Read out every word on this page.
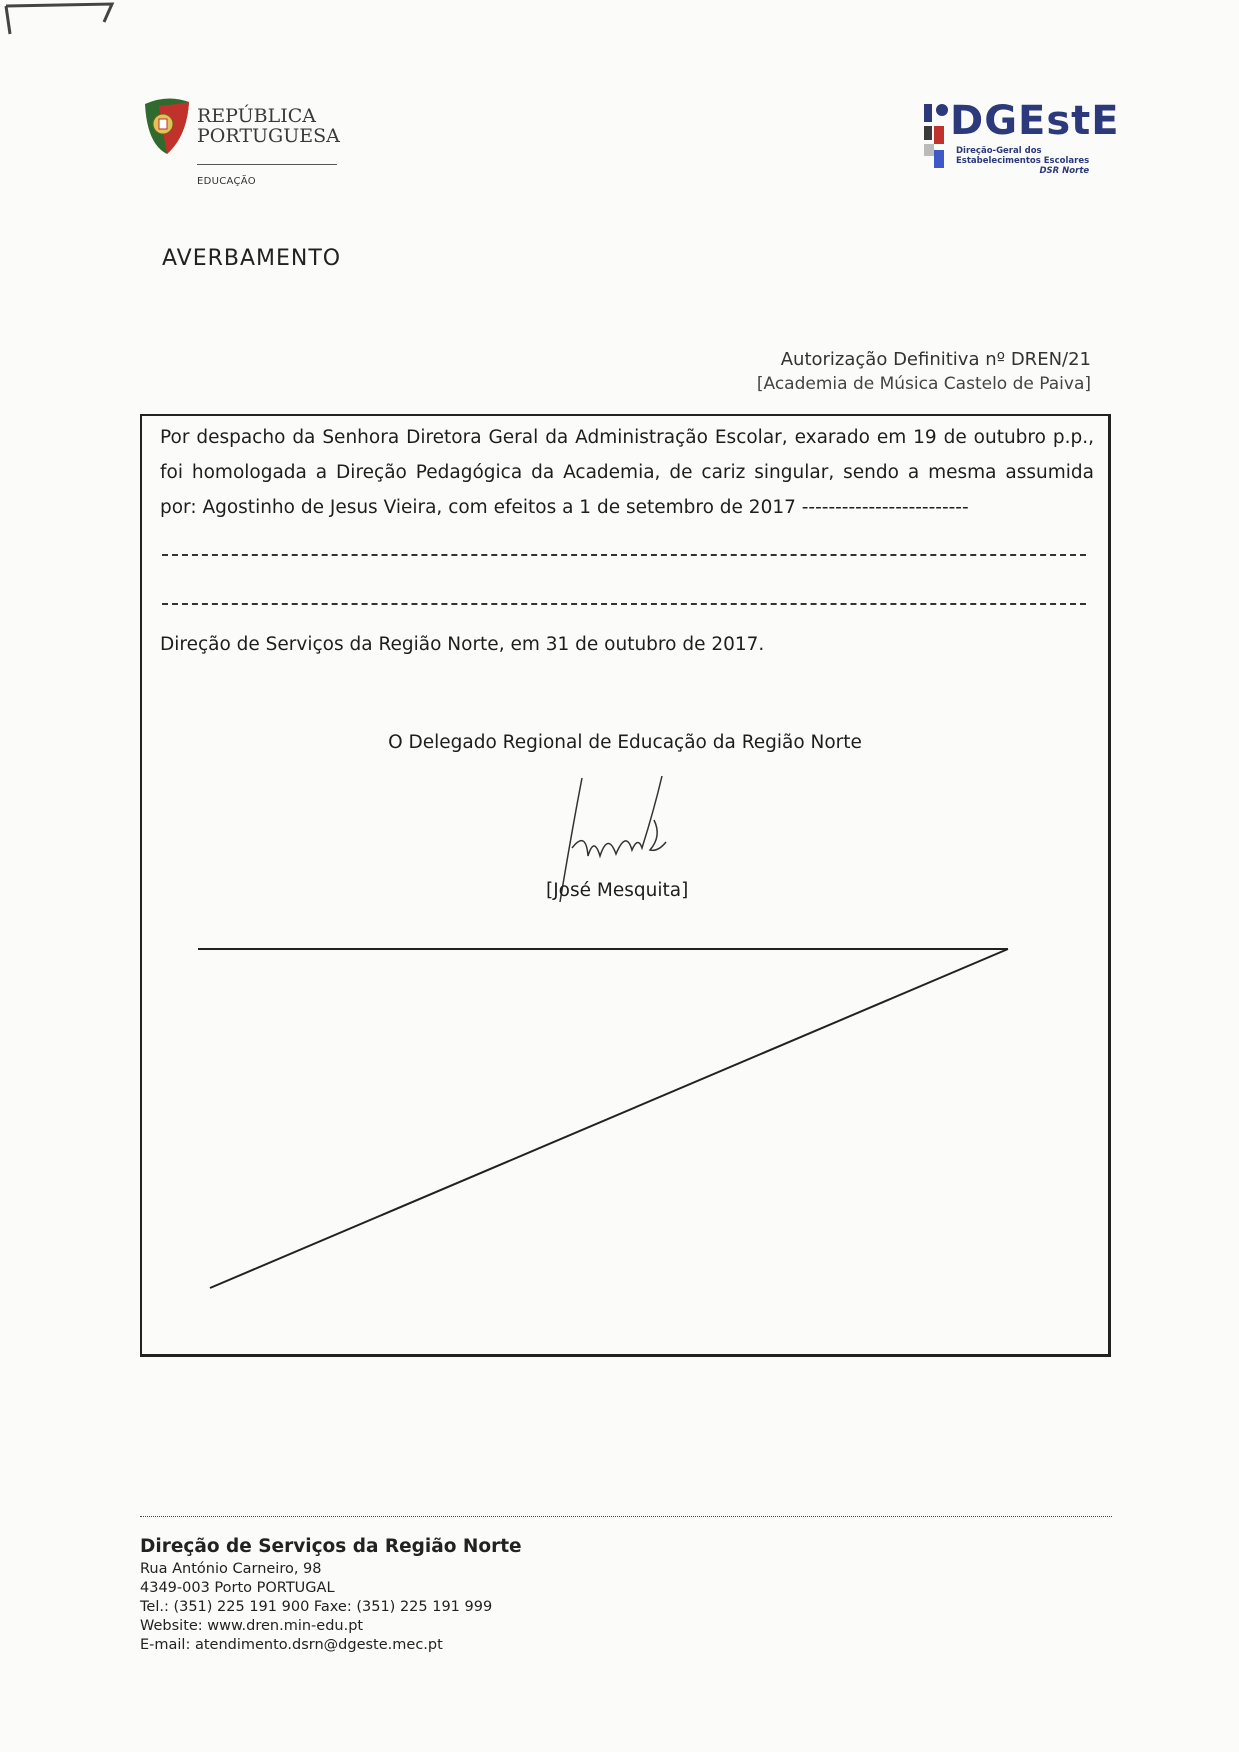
REPÚBLICA
PORTUGUESA
EDUCAÇÃO
DGEstE
Direção-Geral dos
Estabelecimentos Escolares
DSR Norte
AVERBAMENTO
Autorização Definitiva nº DREN/21
[Academia de Música Castelo de Paiva]
Por despacho da Senhora Diretora Geral da Administração Escolar, exarado em 19 de outubro p.p., foi homologada a Direção Pedagógica da Academia, de cariz singular, sendo a mesma assumida por: Agostinho de Jesus Vieira, com efeitos a 1 de setembro de 2017 -------------------------
Direção de Serviços da Região Norte, em 31 de outubro de 2017.
O Delegado Regional de Educação da Região Norte
[José Mesquita]
Direção de Serviços da Região Norte
Rua António Carneiro, 98
4349-003 Porto PORTUGAL
Tel.: (351) 225 191 900 Faxe: (351) 225 191 999
Website: www.dren.min-edu.pt
E-mail: atendimento.dsrn@dgeste.mec.pt
